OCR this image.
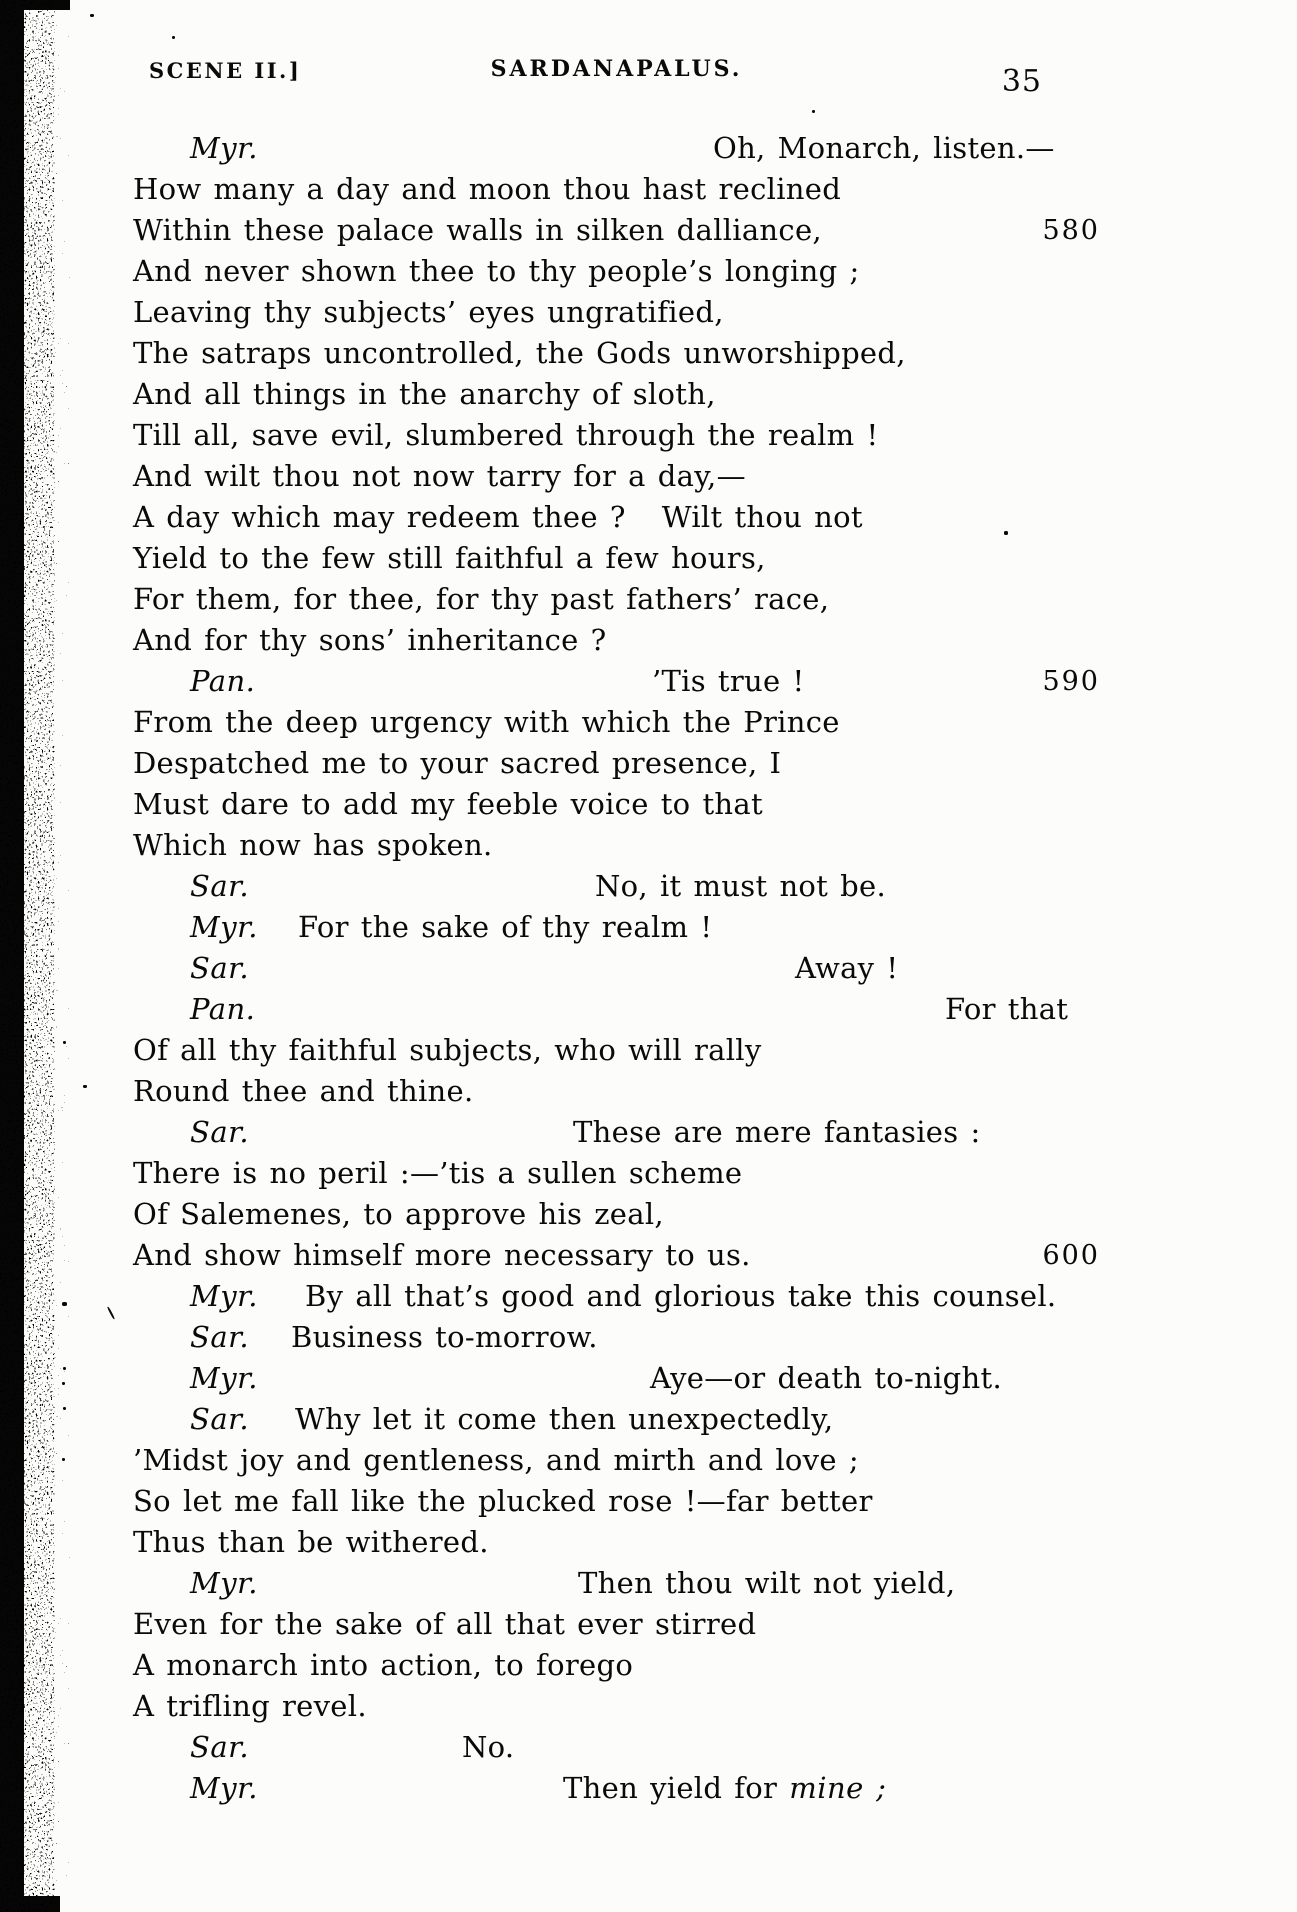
SCENE II.]	SARDANAPALUS.	35
Myr.	Oh, Monarch, listen.—
How many a day and moon thou hast reclined
Within these palace walls in silken dalliance,	580
And never shown thee to thy people’s longing ;
Leaving thy subjects’ eyes ungratified,
The satraps uncontrolled, the Gods unworshipped,
And all things in the anarchy of sloth,
Till all, save evil, slumbered through the realm !
And wilt thou not now tarry for a day,—
A day which may redeem thee ?   Wilt thou not
Yield to the few still faithful a few hours,
For them, for thee, for thy past fathers’ race,
And for thy sons’ inheritance ?
Pan.	’Tis true !	590
From the deep urgency with which the Prince
Despatched me to your sacred presence, I
Must dare to add my feeble voice to that
Which now has spoken.
Sar.	No, it must not be.
Myr. For the sake of thy realm !
Sar.	Away !
Pan.	For that
Of all thy faithful subjects, who will rally
Round thee and thine.
Sar.	These are mere fantasies :
There is no peril :—’tis a sullen scheme
Of Salemenes, to approve his zeal,
And show himself more necessary to us.	600
Myr. By all that’s good and glorious take this counsel.
Sar. Business to-morrow.
Myr.	Aye—or death to-night.
Sar. Why let it come then unexpectedly,
’Midst joy and gentleness, and mirth and love ;
So let me fall like the plucked rose !—far better
Thus than be withered.
Myr.	Then thou wilt not yield,
Even for the sake of all that ever stirred
A monarch into action, to forego
A trifling revel.
Sar.	No.
Myr.	Then yield for mine ;
